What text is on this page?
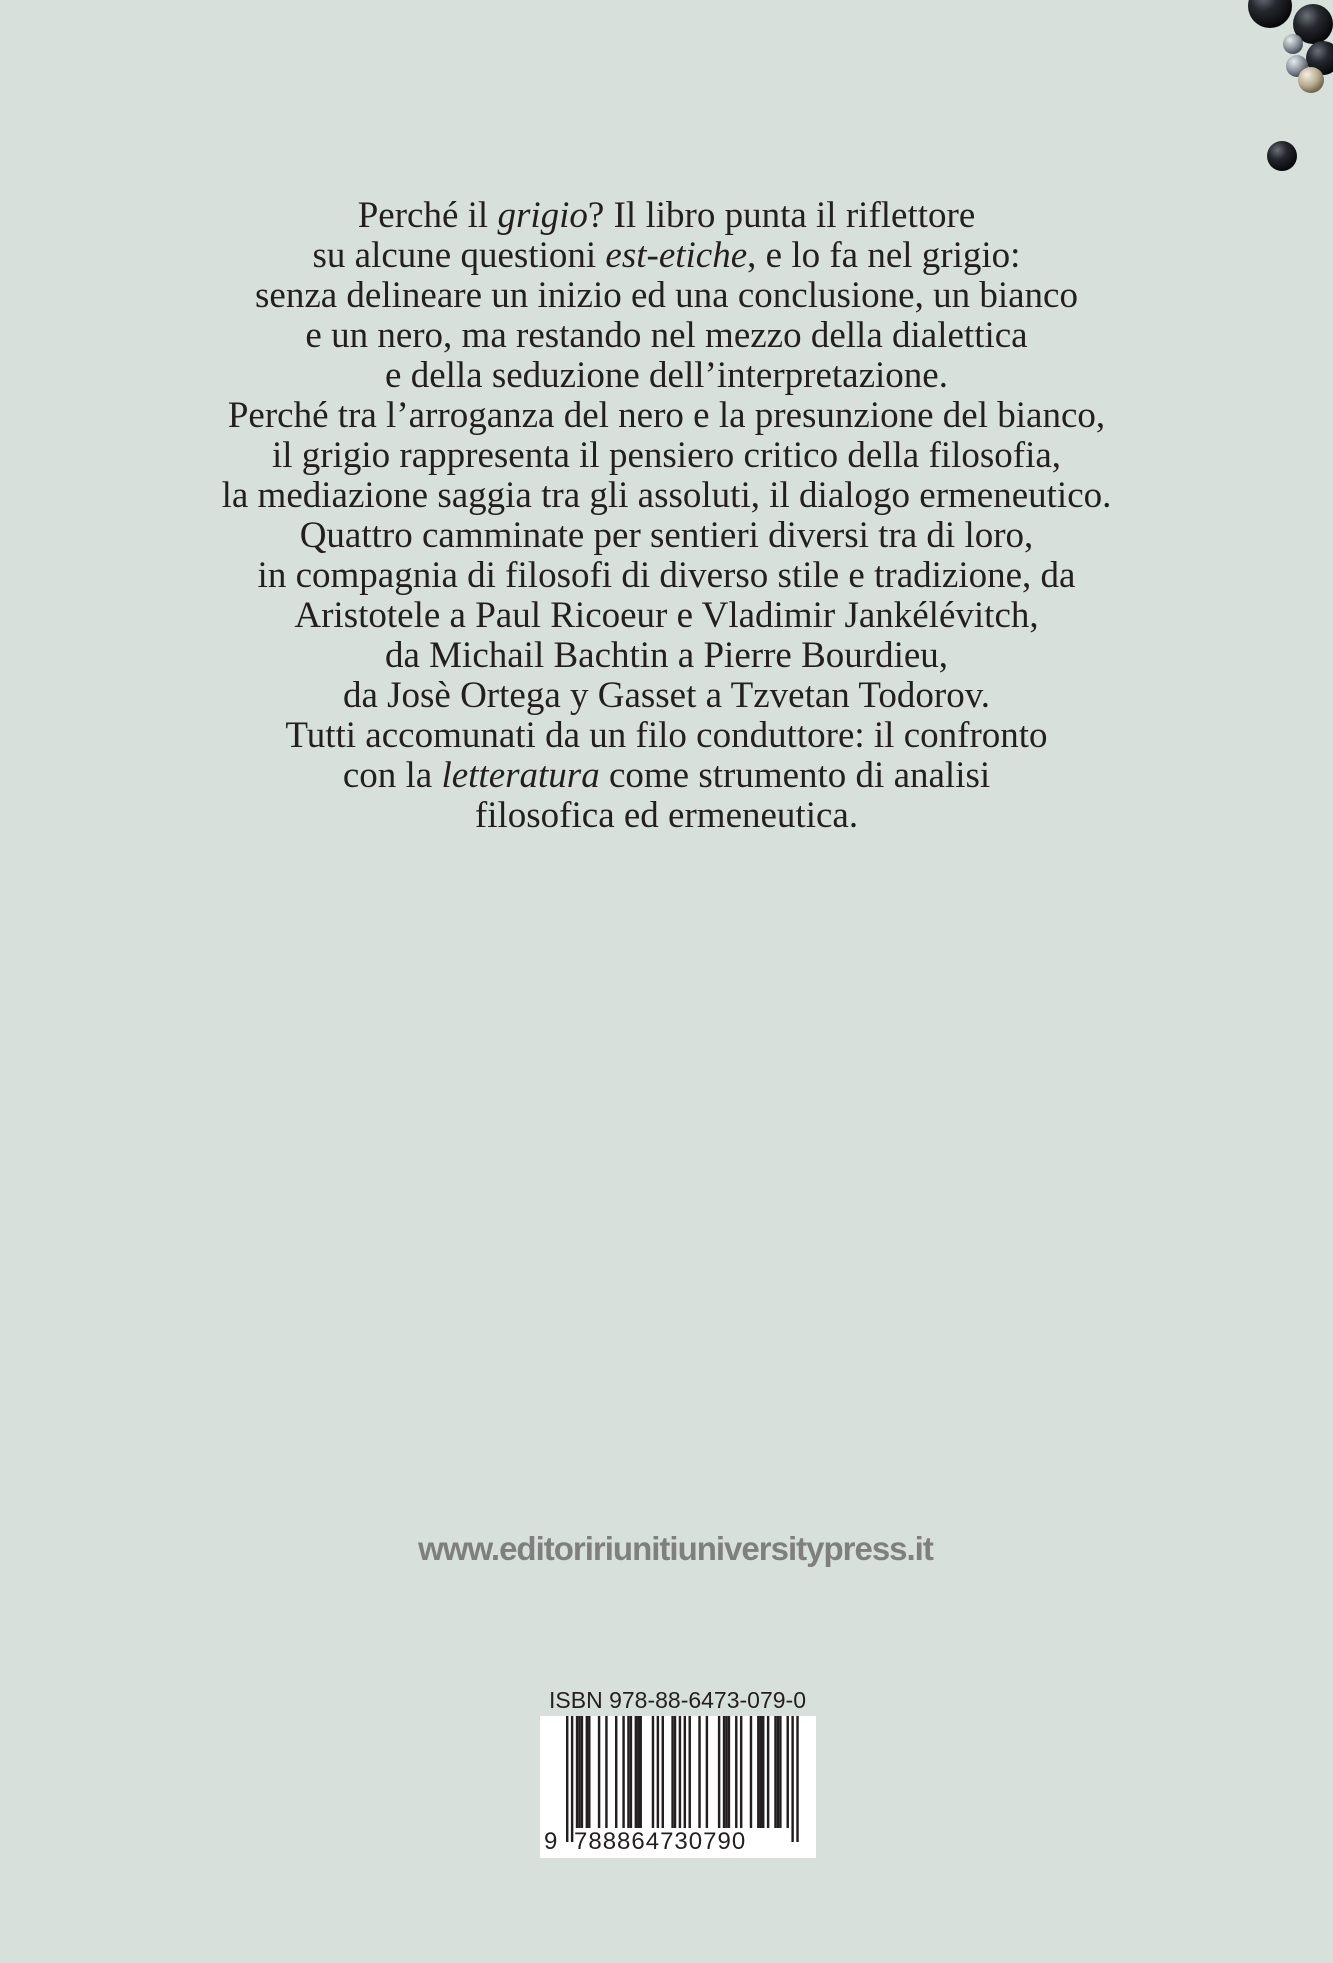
Perché il grigio? Il libro punta il riflettore
su alcune questioni est-etiche, e lo fa nel grigio:
senza delineare un inizio ed una conclusione, un bianco
e un nero, ma restando nel mezzo della dialettica
e della seduzione dell’interpretazione.
Perché tra l’arroganza del nero e la presunzione del bianco,
il grigio rappresenta il pensiero critico della filosofia,
la mediazione saggia tra gli assoluti, il dialogo ermeneutico.
Quattro camminate per sentieri diversi tra di loro,
in compagnia di filosofi di diverso stile e tradizione, da
Aristotele a Paul Ricoeur e Vladimir Jankélévitch,
da Michail Bachtin a Pierre Bourdieu,
da Josè Ortega y Gasset a Tzvetan Todorov.
Tutti accomunati da un filo conduttore: il confronto
con la letteratura come strumento di analisi
filosofica ed ermeneutica.

www.editoririunitiuniversitypress.it
ISBN 978-88-6473-079-0
9 788864730790
